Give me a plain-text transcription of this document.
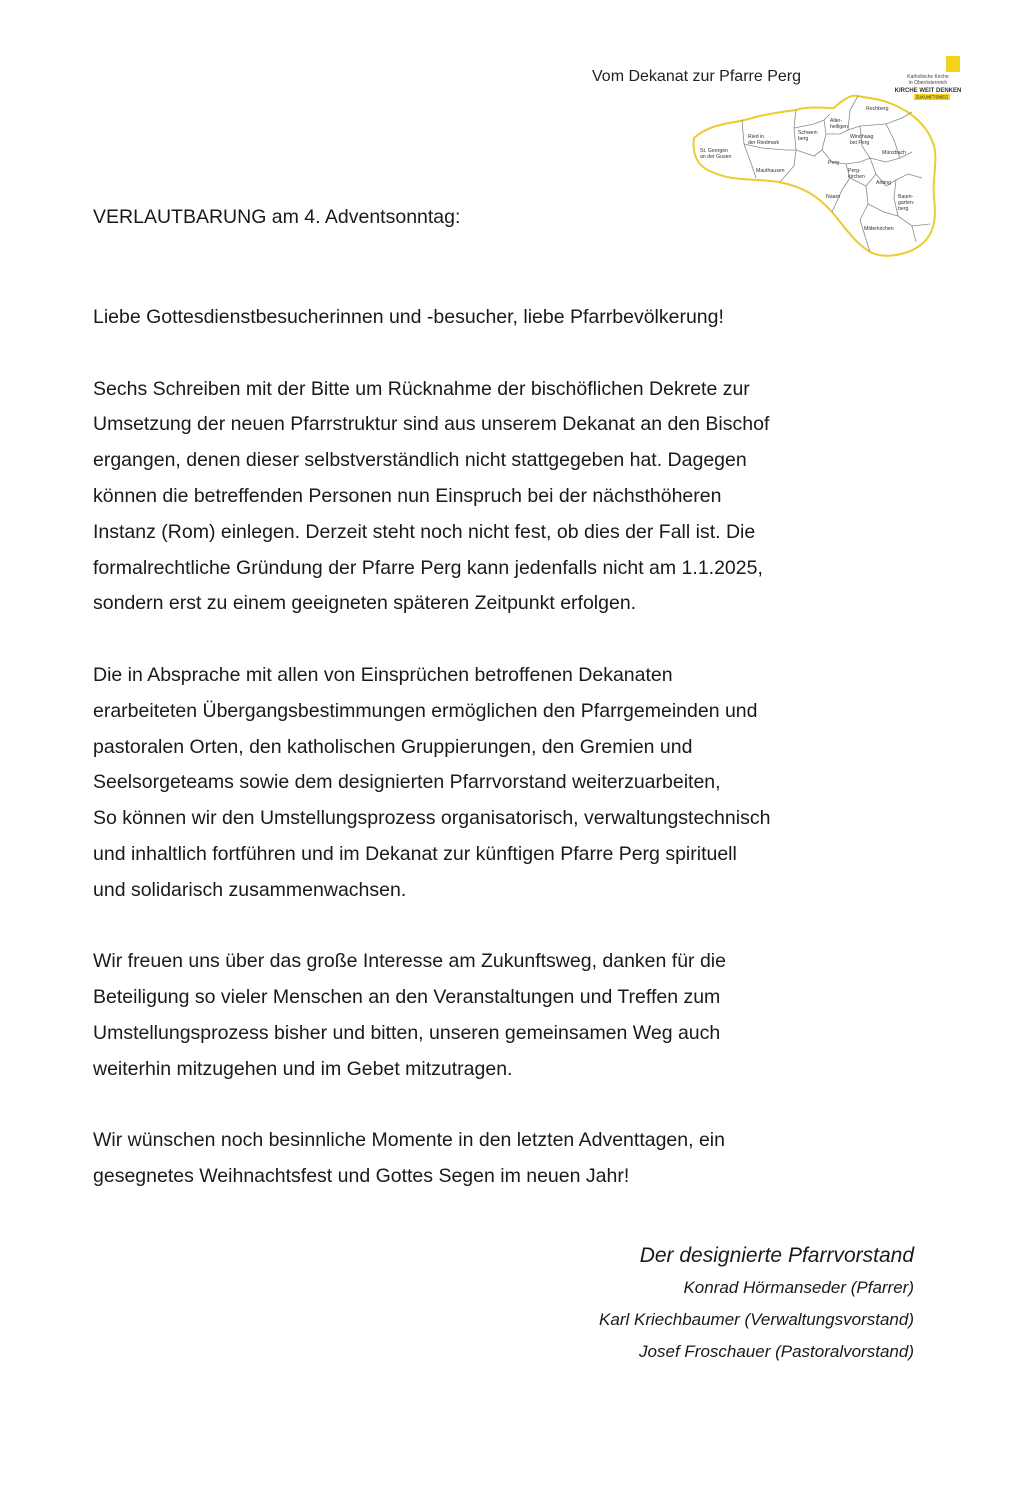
Vom Dekanat zur Pfarre Perg	Katholische Kirche
in Oberösterreich
KIRCHE WEIT DENKEN
ZUKUNFTSWEG
St. Georgen
an der Gusen
Ried in
der Riedmark
Mauthausen
Schwert-
berg
Aller-
heiligen
Rechberg
Windhaag
bei Perg
Münzbach
Perg
Perg-
kirchen
Arbing
Naarn	Baum-
garten-
berg
Mitterkirchen
VERLAUTBARUNG am 4. Adventsonntag:

Liebe Gottesdienstbesucherinnen und -besucher, liebe Pfarrbevölkerung!

Sechs Schreiben mit der Bitte um Rücknahme der bischöflichen Dekrete zur
Umsetzung der neuen Pfarrstruktur sind aus unserem Dekanat an den Bischof
ergangen, denen dieser selbstverständlich nicht stattgegeben hat. Dagegen
können die betreffenden Personen nun Einspruch bei der nächsthöheren
Instanz (Rom) einlegen. Derzeit steht noch nicht fest, ob dies der Fall ist. Die
formalrechtliche Gründung der Pfarre Perg kann jedenfalls nicht am 1.1.2025,
sondern erst zu einem geeigneten späteren Zeitpunkt erfolgen.

Die in Absprache mit allen von Einsprüchen betroffenen Dekanaten
erarbeiteten Übergangsbestimmungen ermöglichen den Pfarrgemeinden und
pastoralen Orten, den katholischen Gruppierungen, den Gremien und
Seelsorgeteams sowie dem designierten Pfarrvorstand weiterzuarbeiten,
So können wir den Umstellungsprozess organisatorisch, verwaltungstechnisch
und inhaltlich fortführen und im Dekanat zur künftigen Pfarre Perg spirituell
und solidarisch zusammenwachsen.

Wir freuen uns über das große Interesse am Zukunftsweg, danken für die
Beteiligung so vieler Menschen an den Veranstaltungen und Treffen zum
Umstellungsprozess bisher und bitten, unseren gemeinsamen Weg auch
weiterhin mitzugehen und im Gebet mitzutragen.

Wir wünschen noch besinnliche Momente in den letzten Adventtagen, ein
gesegnetes Weihnachtsfest und Gottes Segen im neuen Jahr!

Der designierte Pfarrvorstand
Konrad Hörmanseder (Pfarrer)
Karl Kriechbaumer (Verwaltungsvorstand)
Josef Froschauer (Pastoralvorstand)
